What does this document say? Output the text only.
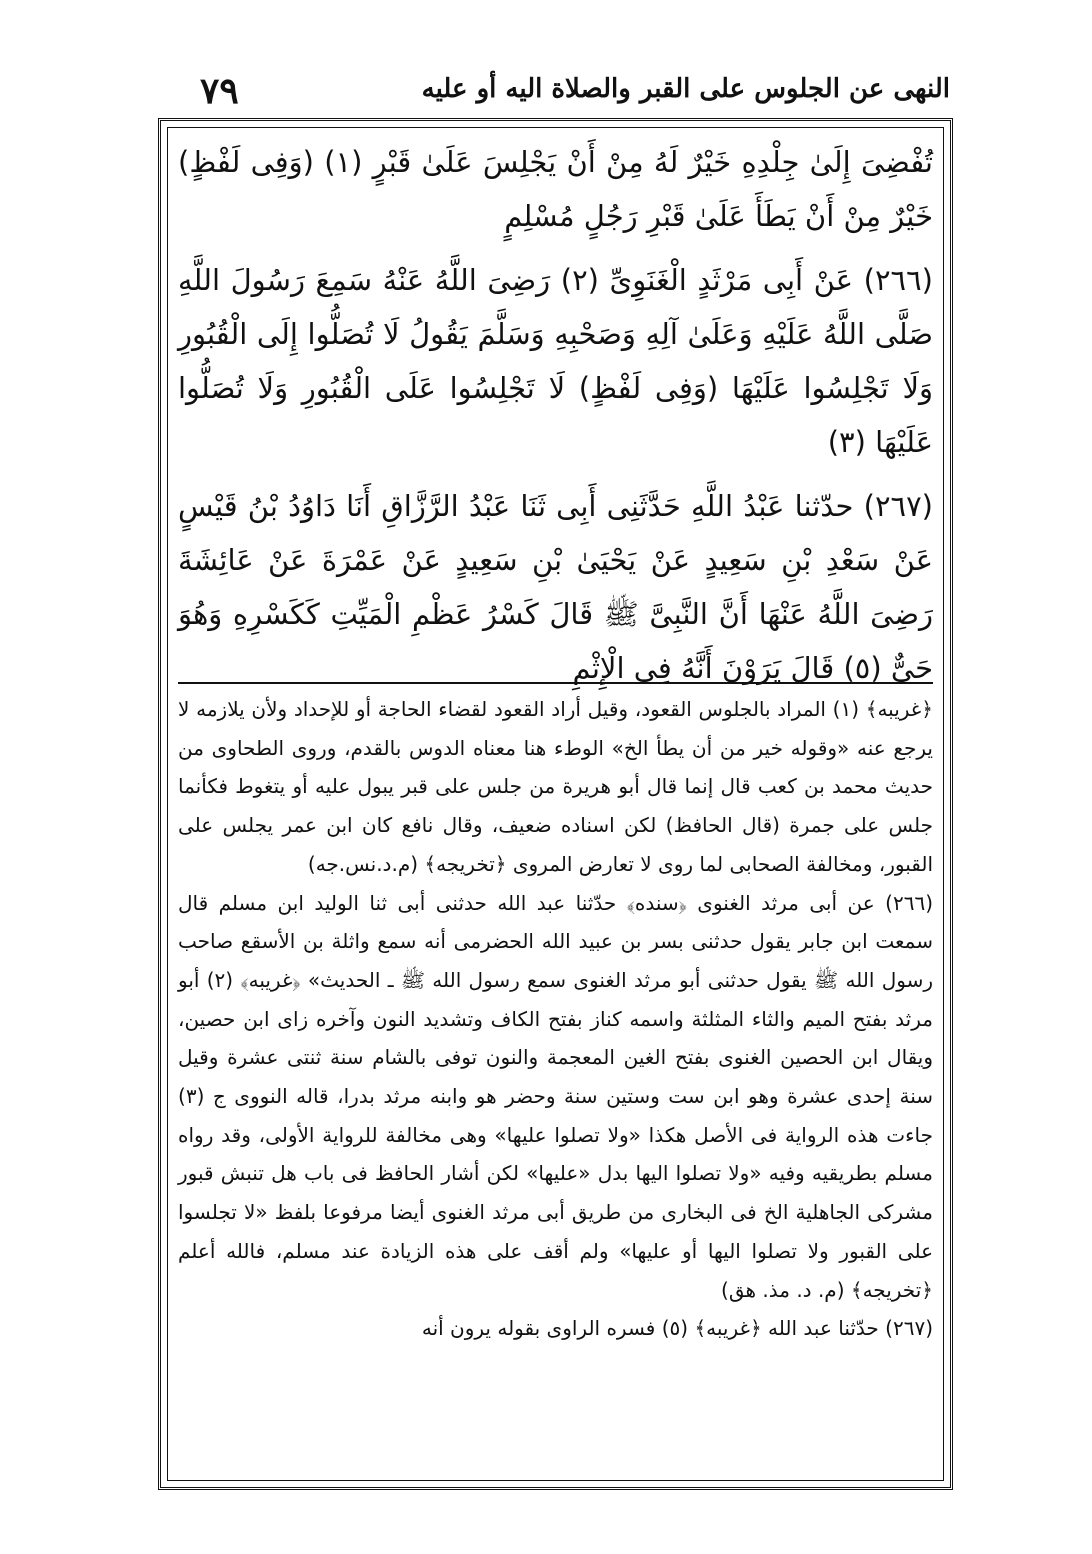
٧٩	النهى عن الجلوس على القبر والصلاة اليه أو عليه

تُفْضِىَ إِلَىٰ جِلْدِهِ خَيْرٌ لَهُ مِنْ أَنْ يَجْلِسَ عَلَىٰ قَبْرٍ (١) (وَفِى لَفْظٍ) خَيْرٌ مِنْ أَنْ يَطَأَ عَلَىٰ قَبْرِ رَجُلٍ مُسْلِمٍ

(٢٦٦) عَنْ أَبِى مَرْثَدٍ الْغَنَوِىِّ (٢) رَضِىَ اللَّهُ عَنْهُ سَمِعَ رَسُولَ اللَّهِ صَلَّى اللَّهُ عَلَيْهِ وَعَلَىٰ آلِهِ وَصَحْبِهِ وَسَلَّمَ يَقُولُ لَا تُصَلُّوا إِلَى الْقُبُورِ وَلَا تَجْلِسُوا عَلَيْهَا (وَفِى لَفْظٍ) لَا تَجْلِسُوا عَلَى الْقُبُورِ وَلَا تُصَلُّوا عَلَيْهَا (٣)

(٢٦٧) حدّثنا عَبْدُ اللَّهِ حَدَّثَنِى أَبِى ثَنَا عَبْدُ الرَّزَّاقِ أَنَا دَاوُدُ بْنُ قَيْسٍ عَنْ سَعْدِ بْنِ سَعِيدٍ عَنْ يَحْيَىٰ بْنِ سَعِيدٍ عَنْ عَمْرَةَ عَنْ عَائِشَةَ رَضِىَ اللَّهُ عَنْهَا أَنَّ النَّبِىَّ ﷺ قَالَ كَسْرُ عَظْمِ الْمَيِّتِ كَكَسْرِهِ وَهُوَ حَىٌّ (٥) قَالَ يَرَوْنَ أَنَّهُ فِى الْإِثْمِ

﴿غريبه﴾ (١) المراد بالجلوس القعود، وقيل أراد القعود لقضاء الحاجة أو للإحداد ولأن يلازمه لا يرجع عنه «وقوله خير من أن يطأ الخ» الوطء هنا معناه الدوس بالقدم، وروى الطحاوى من حديث محمد بن كعب قال إنما قال أبو هريرة من جلس على قبر يبول عليه أو يتغوط فكأنما جلس على جمرة (قال الحافظ) لكن اسناده ضعيف، وقال نافع كان ابن عمر يجلس على القبور، ومخالفة الصحابى لما روى لا تعارض المروى ﴿تخريجه﴾ (م.د.نس.جه)

(٢٦٦) عن أبى مرثد الغنوى ﴿سنده﴾ حدّثنا عبد الله حدثنى أبى ثنا الوليد ابن مسلم قال سمعت ابن جابر يقول حدثنى بسر بن عبيد الله الحضرمى أنه سمع واثلة بن الأسقع صاحب رسول الله ﷺ يقول حدثنى أبو مرثد الغنوى سمع رسول الله ﷺ ـ الحديث» ﴿غريبه﴾ (٢) أبو مرثد بفتح الميم والثاء المثلثة واسمه كناز بفتح الكاف وتشديد النون وآخره زاى ابن حصين، ويقال ابن الحصين الغنوى بفتح الغين المعجمة والنون توفى بالشام سنة ثنتى عشرة وقيل سنة إحدى عشرة وهو ابن ست وستين سنة وحضر هو وابنه مرثد بدرا، قاله النووى ج (٣) جاءت هذه الرواية فى الأصل هكذا «ولا تصلوا عليها» وهى مخالفة للرواية الأولى، وقد رواه مسلم بطريقيه وفيه «ولا تصلوا اليها بدل «عليها» لكن أشار الحافظ فى باب هل تنبش قبور مشركى الجاهلية الخ فى البخارى من طريق أبى مرثد الغنوى أيضا مرفوعا بلفظ «لا تجلسوا على القبور ولا تصلوا اليها أو عليها» ولم أقف على هذه الزيادة عند مسلم، فالله أعلم ﴿تخريجه﴾ (م. د. مذ. هق)

(٢٦٧) حدّثنا عبد الله ﴿غريبه﴾ (٥) فسره الراوى بقوله يرون أنه
